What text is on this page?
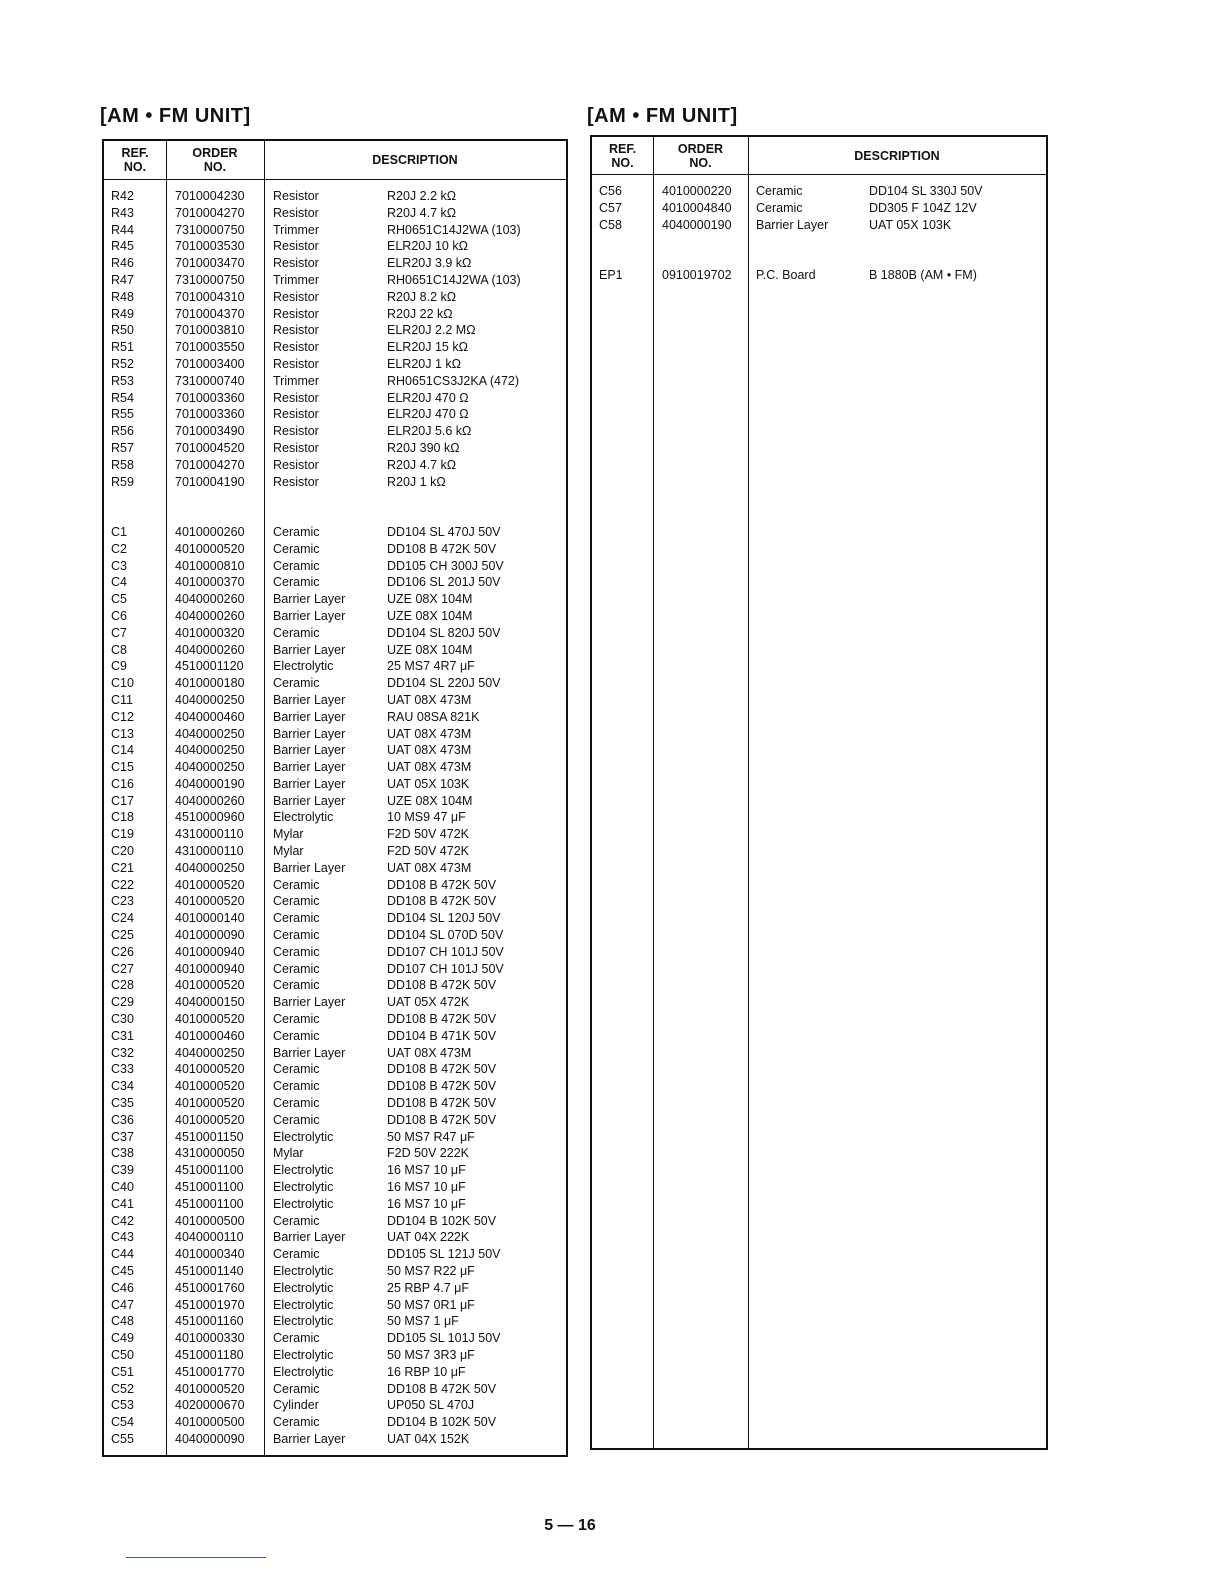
[AM • FM UNIT]
REF.
NO.
ORDER
NO.	DESCRIPTION
R42	7010004230 Resistor	R20J 2.2 kΩ
R43	7010004270 Resistor	R20J 4.7 kΩ
R44	7310000750 Trimmer	RH0651C14J2WA (103)
R45	7010003530 Resistor	ELR20J 10 kΩ
R46	7010003470 Resistor	ELR20J 3.9 kΩ
R47	7310000750 Trimmer	RH0651C14J2WA (103)
R48	7010004310 Resistor	R20J 8.2 kΩ
R49	7010004370 Resistor	R20J 22 kΩ
R50	7010003810 Resistor	ELR20J 2.2 MΩ
R51	7010003550 Resistor	ELR20J 15 kΩ
R52	7010003400 Resistor	ELR20J 1 kΩ
R53	7310000740 Trimmer	RH0651CS3J2KA (472)
R54	7010003360 Resistor	ELR20J 470 Ω
R55	7010003360 Resistor	ELR20J 470 Ω
R56	7010003490 Resistor	ELR20J 5.6 kΩ
R57	7010004520 Resistor	R20J 390 kΩ
R58	7010004270 Resistor	R20J 4.7 kΩ
R59	7010004190 Resistor	R20J 1 kΩ
C1	4010000260 Ceramic	DD104 SL 470J 50V
C2	4010000520 Ceramic	DD108 B 472K 50V
C3	4010000810 Ceramic	DD105 CH 300J 50V
C4	4010000370 Ceramic	DD106 SL 201J 50V
C5	4040000260 Barrier Layer	UZE 08X 104M
C6	4040000260 Barrier Layer	UZE 08X 104M
C7	4010000320 Ceramic	DD104 SL 820J 50V
C8	4040000260 Barrier Layer	UZE 08X 104M
C9	4510001120 Electrolytic	25 MS7 4R7 μF
C10	4010000180 Ceramic	DD104 SL 220J 50V
C11	4040000250 Barrier Layer	UAT 08X 473M
C12	4040000460 Barrier Layer	RAU 08SA 821K
C13	4040000250 Barrier Layer	UAT 08X 473M
C14	4040000250 Barrier Layer	UAT 08X 473M
C15	4040000250 Barrier Layer	UAT 08X 473M
C16	4040000190 Barrier Layer	UAT 05X 103K
C17	4040000260 Barrier Layer	UZE 08X 104M
C18	4510000960 Electrolytic	10 MS9 47 μF
C19	4310000110 Mylar	F2D 50V 472K
C20	4310000110 Mylar	F2D 50V 472K
C21	4040000250 Barrier Layer	UAT 08X 473M
C22	4010000520 Ceramic	DD108 B 472K 50V
C23	4010000520 Ceramic	DD108 B 472K 50V
C24	4010000140 Ceramic	DD104 SL 120J 50V
C25	4010000090 Ceramic	DD104 SL 070D 50V
C26	4010000940 Ceramic	DD107 CH 101J 50V
C27	4010000940 Ceramic	DD107 CH 101J 50V
C28	4010000520 Ceramic	DD108 B 472K 50V
C29	4040000150 Barrier Layer	UAT 05X 472K
C30	4010000520 Ceramic	DD108 B 472K 50V
C31	4010000460 Ceramic	DD104 B 471K 50V
C32	4040000250 Barrier Layer	UAT 08X 473M
C33	4010000520 Ceramic	DD108 B 472K 50V
C34	4010000520 Ceramic	DD108 B 472K 50V
C35	4010000520 Ceramic	DD108 B 472K 50V
C36	4010000520 Ceramic	DD108 B 472K 50V
C37	4510001150 Electrolytic	50 MS7 R47 μF
C38	4310000050 Mylar	F2D 50V 222K
C39	4510001100 Electrolytic	16 MS7 10 μF
C40	4510001100 Electrolytic	16 MS7 10 μF
C41	4510001100 Electrolytic	16 MS7 10 μF
C42	4010000500 Ceramic	DD104 B 102K 50V
C43	4040000110 Barrier Layer	UAT 04X 222K
C44	4010000340 Ceramic	DD105 SL 121J 50V
C45	4510001140 Electrolytic	50 MS7 R22 μF
C46	4510001760 Electrolytic	25 RBP 4.7 μF
C47	4510001970 Electrolytic	50 MS7 0R1 μF
C48	4510001160 Electrolytic	50 MS7 1 μF
C49	4010000330 Ceramic	DD105 SL 101J 50V
C50	4510001180 Electrolytic	50 MS7 3R3 μF
C51	4510001770 Electrolytic	16 RBP 10 μF
C52	4010000520 Ceramic	DD108 B 472K 50V
C53	4020000670 Cylinder	UP050 SL 470J
C54	4010000500 Ceramic	DD104 B 102K 50V
C55	4040000090 Barrier Layer	UAT 04X 152K
[AM • FM UNIT]
REF.
NO.
ORDER
NO.	DESCRIPTION
C56	4010000220 Ceramic	DD104 SL 330J 50V
C57	4010004840 Ceramic	DD305 F 104Z 12V
C58	4040000190 Barrier Layer	UAT 05X 103K
EP1	0910019702 P.C. Board	B 1880B (AM • FM)
5 — 16
